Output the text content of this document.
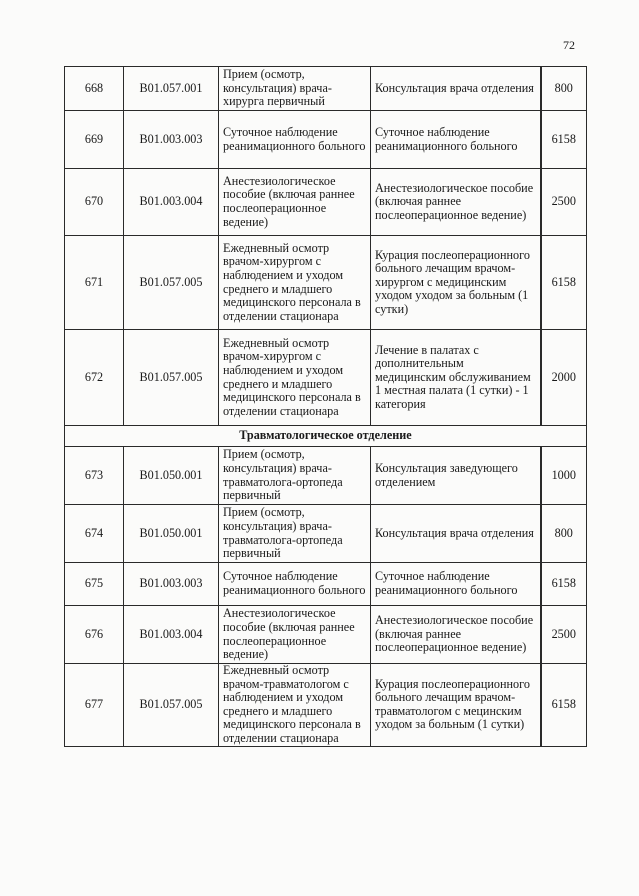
72
668	B01.057.001	Прием (осмотр, консультация) врача-хирурга первичный	Консультация врача отделения	800
669	B01.003.003	Суточное наблюдение реанимационного больного	Суточное наблюдение реанимационного больного	6158
670	B01.003.004	Анестезиологическое пособие (включая раннее послеоперационное ведение)	Анестезиологическое пособие (включая раннее послеоперационное ведение)	2500
671	B01.057.005	Ежедневный осмотр врачом-хирургом с наблюдением и уходом среднего и младшего медицинского персонала в отделении стационара	Курация послеоперационного больного лечащим врачом-хирургом с медицинским уходом уходом за больным (1 сутки)	6158
672	B01.057.005	Ежедневный осмотр врачом-хирургом с наблюдением и уходом среднего и младшего медицинского персонала в отделении стационара	Лечение в палатах с дополнительным медицинским обслуживанием 1 местная палата (1 сутки) - 1 категория	2000
Травматологическое отделение				
673	B01.050.001	Прием (осмотр, консультация) врача-травматолога-ортопеда первичный	Консультация заведующего отделением	1000
674	B01.050.001	Прием (осмотр, консультация) врача-травматолога-ортопеда первичный	Консультация врача отделения	800
675	B01.003.003	Суточное наблюдение реанимационного больного	Суточное наблюдение реанимационного больного	6158
676	B01.003.004	Анестезиологическое пособие (включая раннее послеоперационное ведение)	Анестезиологическое пособие (включая раннее послеоперационное ведение)	2500
677	B01.057.005	Ежедневный осмотр врачом-травматологом с наблюдением и уходом среднего и младшего медицинского персонала в отделении стационара	Курация послеоперационного больного лечащим врачом-травматологом с мецинским уходом за больным (1 сутки)	6158
